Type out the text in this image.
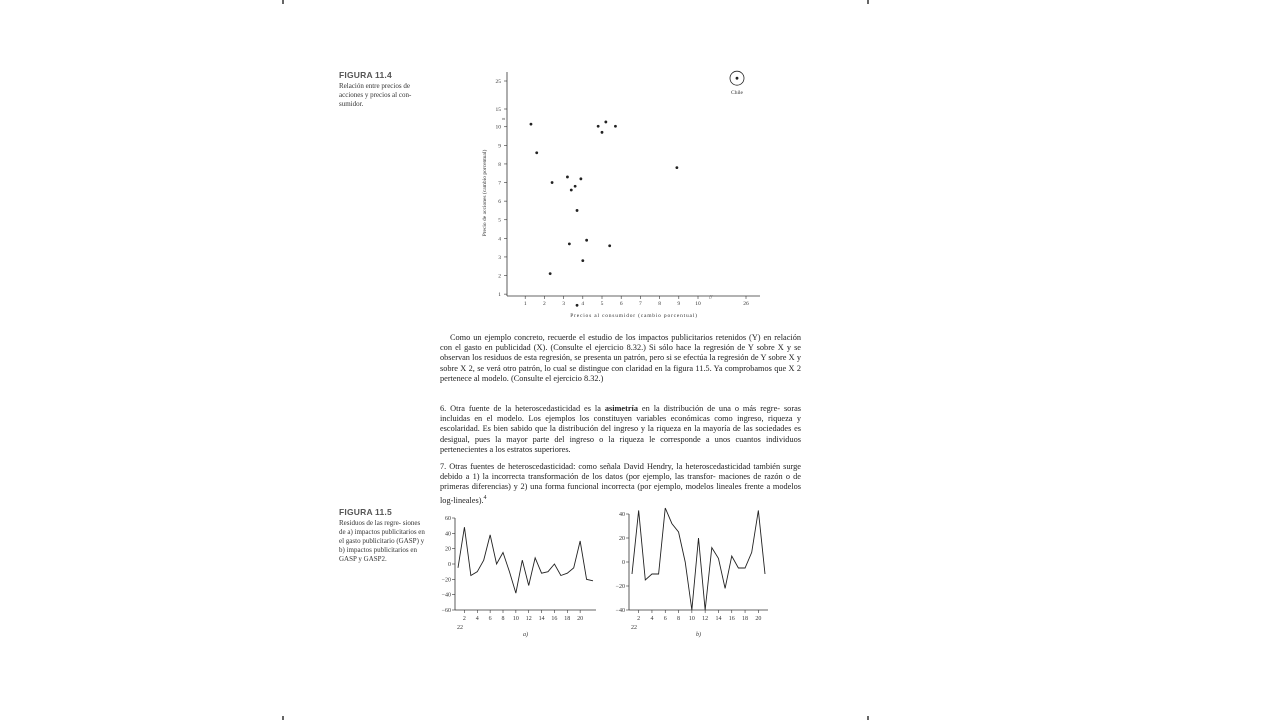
FIGURA 11.4
Relación entre precios de acciones y precios al con- sumidor.
//
≈
1	2	3	4	5	6	7	8	9	10	26
1
2
3
4
5
6
7
8
9
10
15
25
Chile
Precios al consumidor (cambio porcentual)
Precio de acciones (cambio porcentual)

Como un ejemplo concreto, recuerde el estudio de los impactos publicitarios retenidos (Y) en relación con el gasto en publicidad (X). (Consulte el ejercicio 8.32.) Si sólo hace la regresión de Y sobre X y se observan los residuos de esta regresión, se presenta un patrón, pero si se efectúa la regresión de Y sobre X y sobre X 2, se verá otro patrón, lo cual se distingue con claridad en la figura 11.5. Ya comprobamos que X 2 pertenece al modelo. (Consulte el ejercicio 8.32.)

6. Otra fuente de la heteroscedasticidad es la asimetría en la distribución de una o más regre- soras incluidas en el modelo. Los ejemplos los constituyen variables económicas como ingreso, riqueza y escolaridad. Es bien sabido que la distribución del ingreso y la riqueza en la mayoría de las sociedades es desigual, pues la mayor parte del ingreso o la riqueza le corresponde a unos cuantos individuos pertenecientes a los estratos superiores.

7. Otras fuentes de heteroscedasticidad: como señala David Hendry, la heteroscedasticidad también surge debido a 1) la incorrecta transformación de los datos (por ejemplo, las transfor- maciones de razón o de primeras diferencias) y 2) una forma funcional incorrecta (por ejemplo, modelos lineales frente a modelos log-lineales).$^4$

FIGURA 11.5
Residuos de las regre- siones de a) impactos publicitarios en el gasto publicitario (GASP) y b) impactos publicitarios en GASP y GASP2.
60
40
20
0
−20
−40
−60
2 4 6 8 10 12 14 16 18 20
22
a)
40
20
0
−20
−40
2 4 6 8 10 12 14 16 18 20
22
b)
